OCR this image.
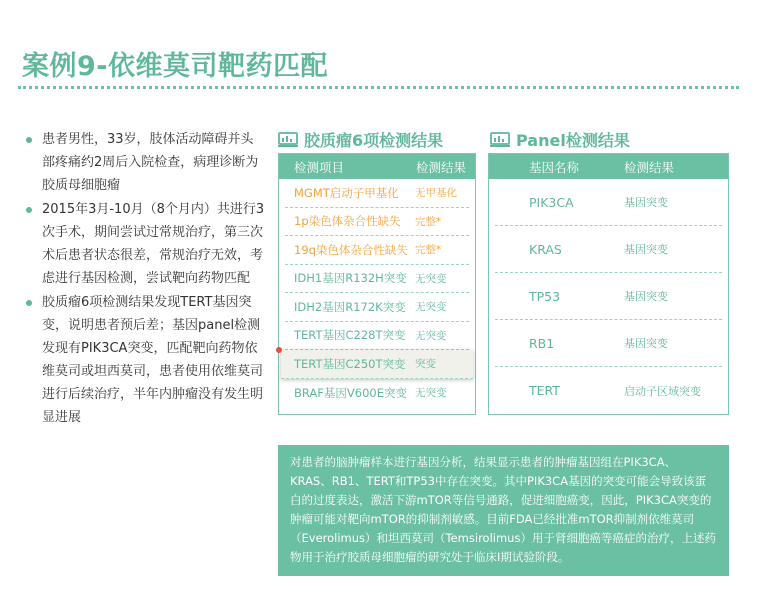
案例9-依维莫司靶药匹配
患者男性，33岁，肢体活动障碍并头部疼痛约2周后入院检查，病理诊断为胶质母细胞瘤
2015年3月-10月（8个月内）共进行3次手术，期间尝试过常规治疗，第三次术后患者状态很差，常规治疗无效，考虑进行基因检测，尝试靶向药物匹配
胶质瘤6项检测结果发现TERT基因突变，说明患者预后差；基因panel检测发现有PIK3CA突变，匹配靶向药物依维莫司或坦西莫司，患者使用依维莫司进行后续治疗，半年内肿瘤没有发生明显进展
胶质瘤6项检测结果	Panel检测结果
检测项目	检测结果
MGMT启动子甲基化	无甲基化
1p染色体杂合性缺失	完整*
19q染色体杂合性缺失 完整*
IDH1基因R132H突变 无突变
IDH2基因R172K突变 无突变
TERT基因C228T突变 无突变
TERT基因C250T突变 突变
BRAF基因V600E突变 无突变
基因名称	检测结果
PIK3CA	基因突变
KRAS	基因突变
TP53	基因突变
RB1	基因突变
TERT	启动子区域突变
对患者的脑肿瘤样本进行基因分析，结果显示患者的肿瘤基因组在PIK3CA、KRAS、RB1、TERT和TP53中存在突变。其中PIK3CA基因的突变可能会导致该蛋白的过度表达，激活下游mTOR等信号通路，促进细胞癌变，因此，PIK3CA突变的肿瘤可能对靶向mTOR的抑制剂敏感。目前FDA已经批准mTOR抑制剂依维莫司（Everolimus）和坦西莫司（Temsirolimus）用于肾细胞癌等癌症的治疗，上述药物用于治疗胶质母细胞瘤的研究处于临床I期试验阶段。
